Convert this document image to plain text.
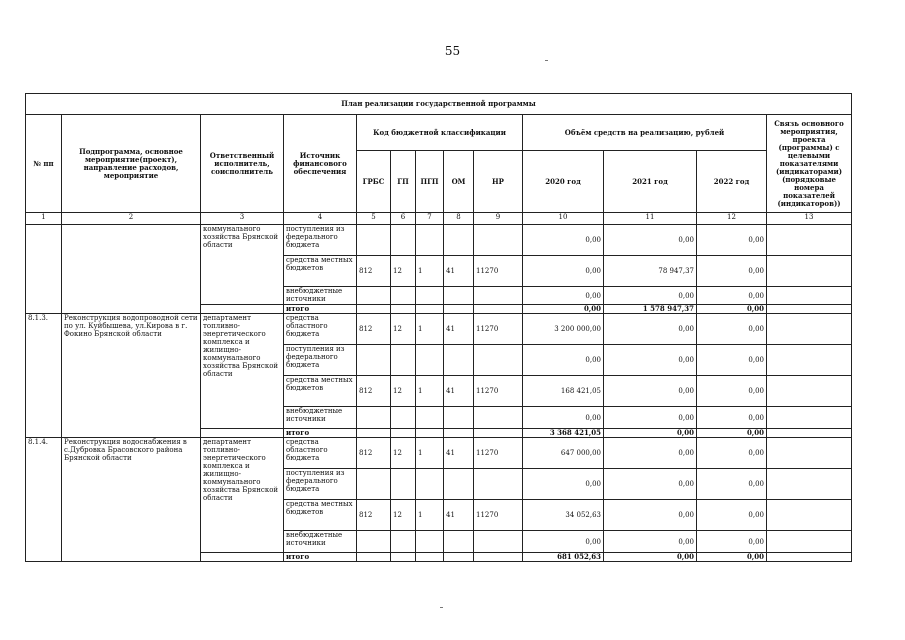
55
План реализации государственной программы												
№ пп	Подпрограмма, основное мероприятие(проект), направление расходов, мероприятие	Ответственный исполнитель, соисполнитель	Источник финансового обеспечения	Код бюджетной классификации					Объём средств на реализацию, рублей			Связь основного мероприятия, проекта (программы) с целевыми показателями (индикаторами) (порядковые номера показателей (индикаторов))
				ГРБС	ГП	ПГП	ОМ	НР	2020 год	2021 год	2022 год	
1	2	3	4	5	6	7	8	9	10	11	12	13
		коммунального хозяйства Брянской области	поступления из федерального бюджета						0,00	0,00	0,00	
			средства местных бюджетов	812	12	1	41	11270	0,00	78 947,37	0,00	
			внебюджетные источники						0,00	0,00	0,00	
			итого						0,00	1 578 947,37	0,00	
8.1.3.	Реконструкция водопроводной сети по ул. Куйбышева, ул.Кирова в г. Фокино Брянской области	департамент топливно-энергетического комплекса и жилищно-коммунального хозяйства Брянской области	средства областного бюджета	812	12	1	41	11270	3 200 000,00	0,00	0,00	
			поступления из федерального бюджета						0,00	0,00	0,00	
			средства местных бюджетов	812	12	1	41	11270	168 421,05	0,00	0,00	
			внебюджетные источники						0,00	0,00	0,00	
			итого						3 368 421,05	0,00	0,00	
8.1.4.	Реконструкция водоснабжения в с.Дубровка Брасовского района Брянской области	департамент топливно-энергетического комплекса и жилищно-коммунального хозяйства Брянской области	средства областного бюджета	812	12	1	41	11270	647 000,00	0,00	0,00	
			поступления из федерального бюджета						0,00	0,00	0,00	
			средства местных бюджетов	812	12	1	41	11270	34 052,63	0,00	0,00	
			внебюджетные источники						0,00	0,00	0,00	
			итого						681 052,63	0,00	0,00	
